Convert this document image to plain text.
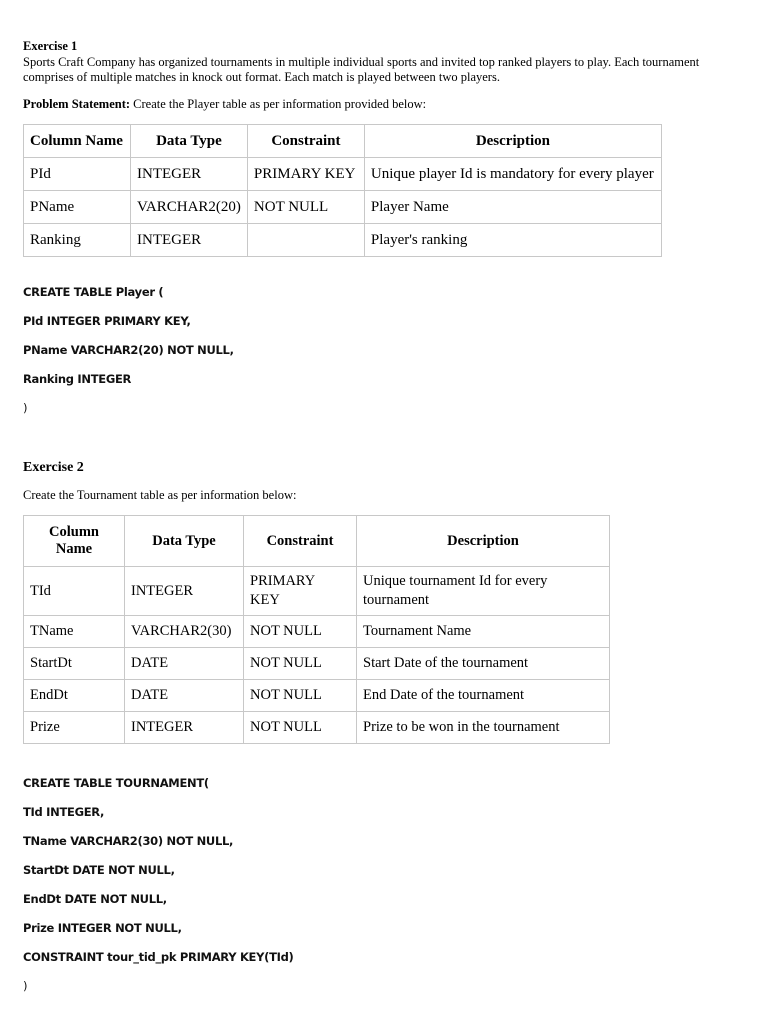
Exercise 1
Sports Craft Company has organized tournaments in multiple individual sports and invited top ranked players to play. Each tournament
comprises of multiple matches in knock out format. Each match is played between two players.
Problem Statement: Create the Player table as per information provided below:
Column Name	Data Type	Constraint	Description
PId	INTEGER	PRIMARY KEY	Unique player Id is mandatory for every player
PName	VARCHAR2(20)	NOT NULL	Player Name
Ranking	INTEGER		Player's ranking
CREATE TABLE Player (
PId INTEGER PRIMARY KEY,
PName VARCHAR2(20) NOT NULL,
Ranking INTEGER
)
Exercise 2
Create the Tournament table as per information below:
Column Name	Data Type	Constraint	Description
TId	INTEGER	PRIMARY KEY	Unique tournament Id for every tournament
TName	VARCHAR2(30)	NOT NULL	Tournament Name
StartDt	DATE	NOT NULL	Start Date of the tournament
EndDt	DATE	NOT NULL	End Date of the tournament
Prize	INTEGER	NOT NULL	Prize to be won in the tournament
CREATE TABLE TOURNAMENT(
TId INTEGER,
TName VARCHAR2(30) NOT NULL,
StartDt DATE NOT NULL,
EndDt DATE NOT NULL,
Prize INTEGER NOT NULL,
CONSTRAINT tour_tid_pk PRIMARY KEY(TId)
)
